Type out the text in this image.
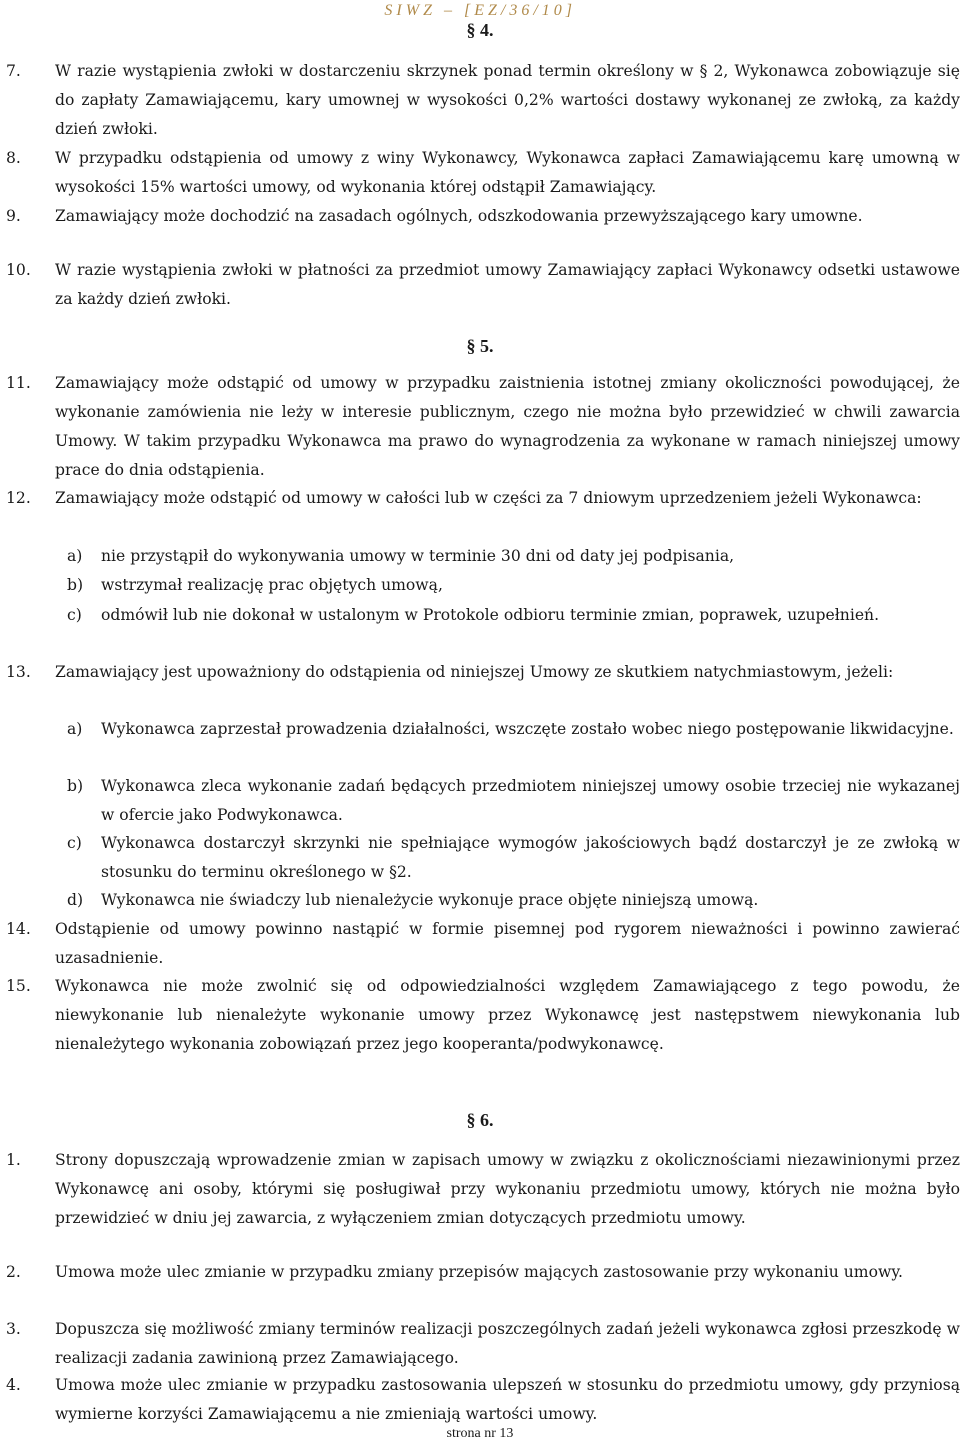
SIWZ – [EZ/36/10]
§ 4.
7. W razie wystąpienia zwłoki w dostarczeniu skrzynek ponad termin określony w § 2, Wykonawca zobowiązuje się do zapłaty Zamawiającemu, kary umownej w wysokości 0,2% wartości dostawy wykonanej ze zwłoką, za każdy dzień zwłoki.
8. W przypadku odstąpienia od umowy z winy Wykonawcy, Wykonawca zapłaci Zamawiającemu karę umowną w wysokości 15% wartości umowy, od wykonania której odstąpił Zamawiający.
9. Zamawiający może dochodzić na zasadach ogólnych, odszkodowania przewyższającego kary umowne.
10. W razie wystąpienia zwłoki w płatności za przedmiot umowy Zamawiający zapłaci Wykonawcy odsetki ustawowe za każdy dzień zwłoki.
§ 5.
11. Zamawiający może odstąpić od umowy w przypadku zaistnienia istotnej zmiany okoliczności powodującej, że wykonanie zamówienia nie leży w interesie publicznym, czego nie można było przewidzieć w chwili zawarcia Umowy. W takim przypadku Wykonawca ma prawo do wynagrodzenia za wykonane w ramach niniejszej umowy prace do dnia odstąpienia.
12. Zamawiający może odstąpić od umowy w całości lub w części za 7 dniowym uprzedzeniem jeżeli Wykonawca:
a) nie przystąpił do wykonywania umowy w terminie 30 dni od daty jej podpisania,
b) wstrzymał realizację prac objętych umową,
c) odmówił lub nie dokonał w ustalonym w Protokole odbioru terminie zmian, poprawek, uzupełnień.
13. Zamawiający jest upoważniony do odstąpienia od niniejszej Umowy ze skutkiem natychmiastowym, jeżeli:
a) Wykonawca zaprzestał prowadzenia działalności, wszczęte zostało wobec niego postępowanie likwidacyjne.
b) Wykonawca zleca wykonanie zadań będących przedmiotem niniejszej umowy osobie trzeciej nie wykazanej w ofercie jako Podwykonawca.
c) Wykonawca dostarczył skrzynki nie spełniające wymogów jakościowych bądź dostarczył je ze zwłoką w stosunku do terminu określonego w §2.
d) Wykonawca nie świadczy lub nienależycie wykonuje prace objęte niniejszą umową.
14. Odstąpienie od umowy powinno nastąpić w formie pisemnej pod rygorem nieważności i powinno zawierać uzasadnienie.
15. Wykonawca nie może zwolnić się od odpowiedzialności względem Zamawiającego z tego powodu, że niewykonanie lub nienależyte wykonanie umowy przez Wykonawcę jest następstwem niewykonania lub nienależytego wykonania zobowiązań przez jego kooperanta/podwykonawcę.
§ 6.
1. Strony dopuszczają wprowadzenie zmian w zapisach umowy w związku z okolicznościami niezawinionymi przez Wykonawcę ani osoby, którymi się posługiwał przy wykonaniu przedmiotu umowy, których nie można było przewidzieć w dniu jej zawarcia, z wyłączeniem zmian dotyczących przedmiotu umowy.
2. Umowa może ulec zmianie w przypadku zmiany przepisów mających zastosowanie przy wykonaniu umowy.
3. Dopuszcza się możliwość zmiany terminów realizacji poszczególnych zadań jeżeli wykonawca zgłosi przeszkodę w realizacji zadania zawinioną przez Zamawiającego.
4. Umowa może ulec zmianie w przypadku zastosowania ulepszeń w stosunku do przedmiotu umowy, gdy przyniosą wymierne korzyści Zamawiającemu a nie zmieniają wartości umowy.
strona nr 13
